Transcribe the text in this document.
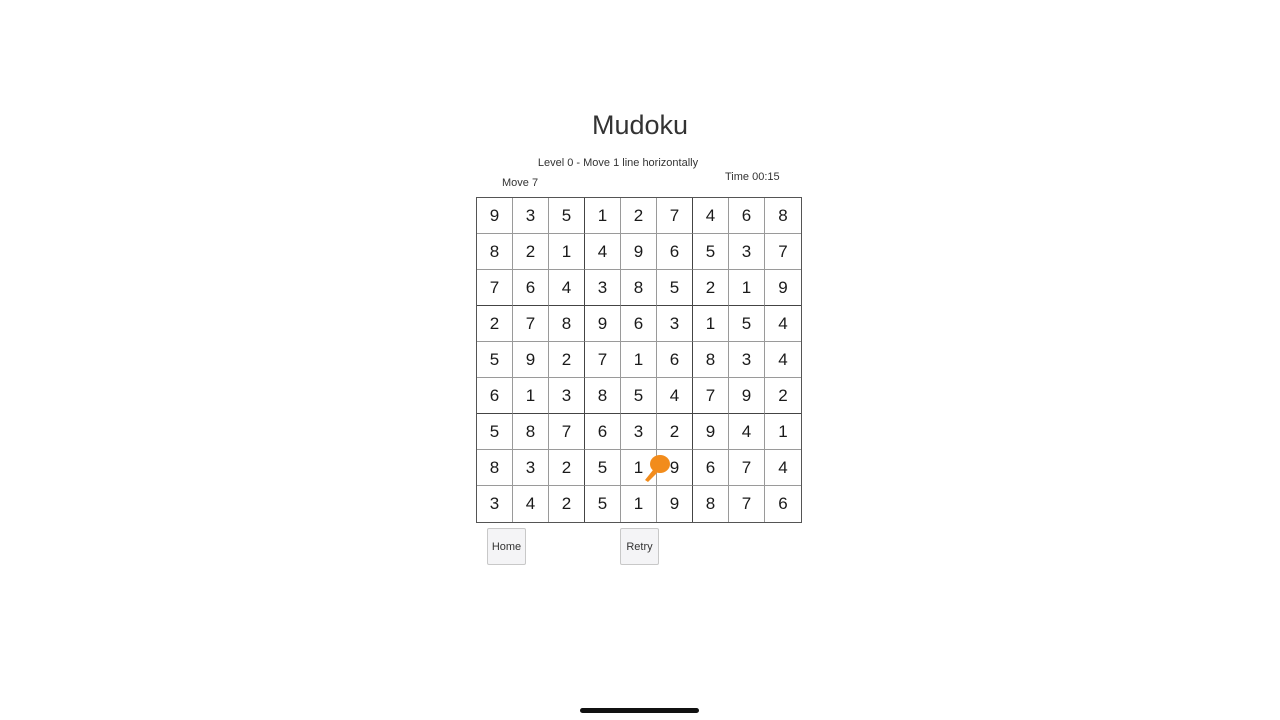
Mudoku
Level 0 - Move 1 line horizontally
Move 7	Time 00:15
9	3	5	1	2	7	4	6	8
8	2	1	4	9	6	5	3	7
7	6	4	3	8	5	2	1	9
2	7	8	9	6	3	1	5	4
5	9	2	7	1	6	8	3	4
6	1	3	8	5	4	7	9	2
5	8	7	6	3	2	9	4	1
8	3	2	5	1	9	6	7	4
3	4	2	5	1	9	8	7	6
Home	Retry
